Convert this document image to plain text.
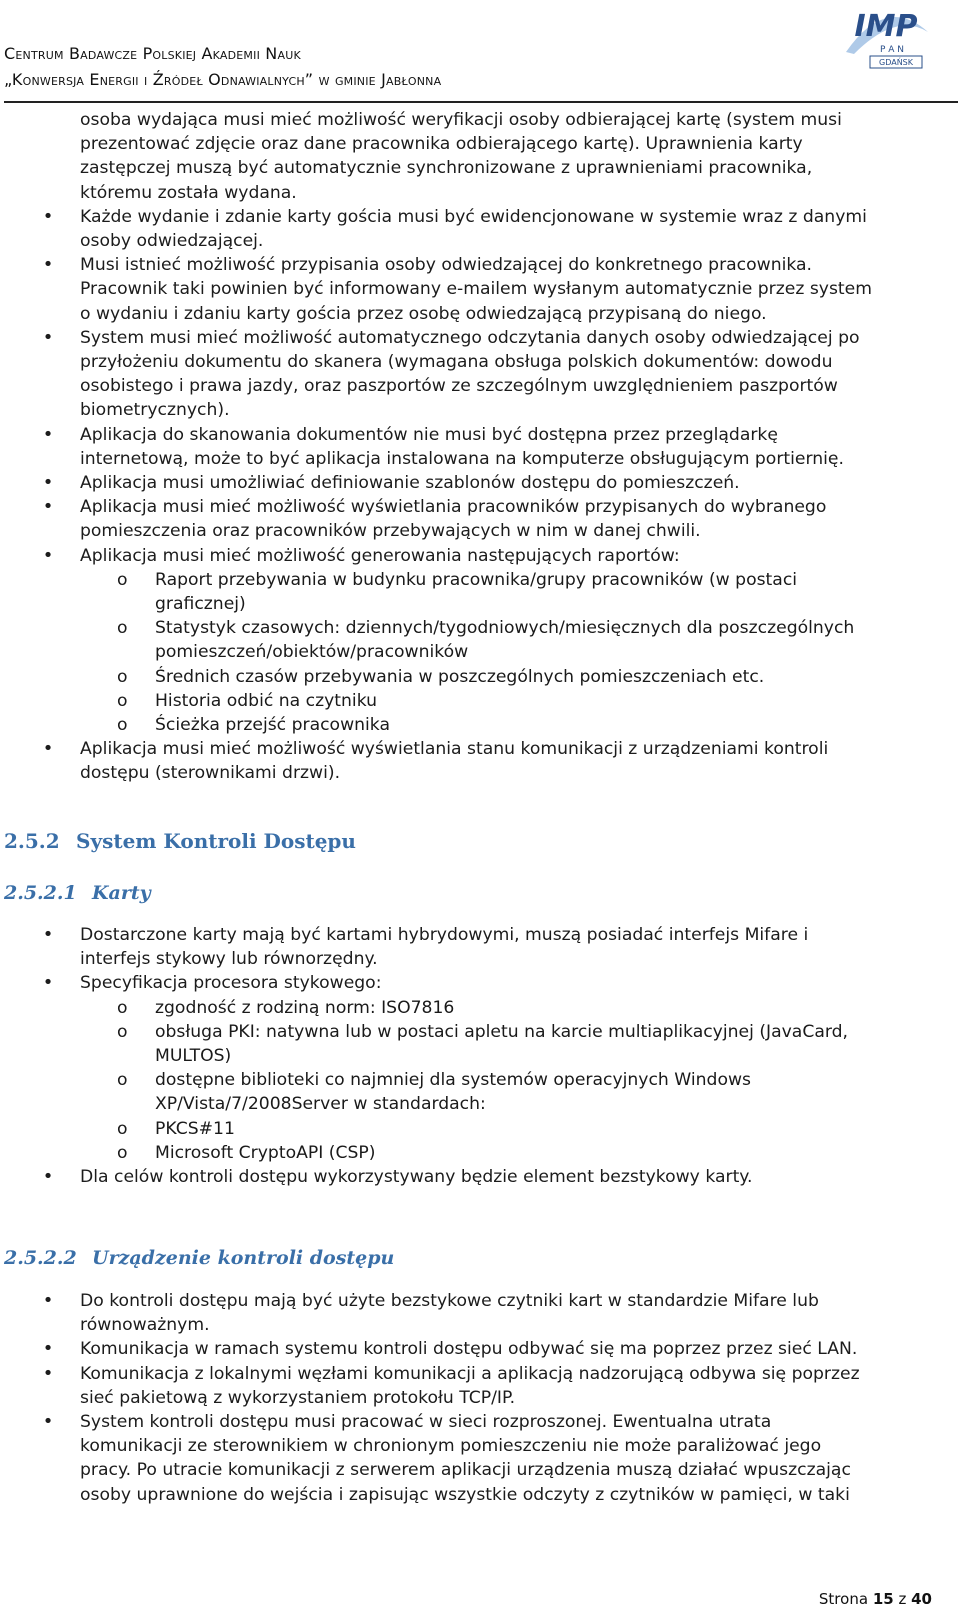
Centrum Badawcze Polskiej Akademii Nauk
„Konwersja Energii i Źródeł Odnawialnych” w gminie Jabłonna
IMP
P A N
GDAŃSK
osoba wydająca musi mieć możliwość weryfikacji osoby odbierającej kartę (system musi
prezentować zdjęcie oraz dane pracownika odbierającego kartę). Uprawnienia karty
zastępczej muszą być automatycznie synchronizowane z uprawnieniami pracownika,
któremu została wydana.
•
Każde wydanie i zdanie karty gościa musi być ewidencjonowane w systemie wraz z danymi
osoby odwiedzającej.
•
Musi istnieć możliwość przypisania osoby odwiedzającej do konkretnego pracownika.
Pracownik taki powinien być informowany e-mailem wysłanym automatycznie przez system
o wydaniu i zdaniu karty gościa przez osobę odwiedzającą przypisaną do niego.
•
System musi mieć możliwość automatycznego odczytania danych osoby odwiedzającej po
przyłożeniu dokumentu do skanera (wymagana obsługa polskich dokumentów: dowodu
osobistego i prawa jazdy, oraz paszportów ze szczególnym uwzględnieniem paszportów
biometrycznych).
•
Aplikacja do skanowania dokumentów nie musi być dostępna przez przeglądarkę
internetową, może to być aplikacja instalowana na komputerze obsługującym portiernię.
•
Aplikacja musi umożliwiać definiowanie szablonów dostępu do pomieszczeń.
•
Aplikacja musi mieć możliwość wyświetlania pracowników przypisanych do wybranego
pomieszczenia oraz pracowników przebywających w nim w danej chwili.
•
Aplikacja musi mieć możliwość generowania następujących raportów:
o Raport przebywania w budynku pracownika/grupy pracowników (w postaci
graficznej)
o Statystyk czasowych: dziennych/tygodniowych/miesięcznych dla poszczególnych
pomieszczeń/obiektów/pracowników
o Średnich czasów przebywania w poszczególnych pomieszczeniach etc.
o Historia odbić na czytniku
o Ścieżka przejść pracownika
•
Aplikacja musi mieć możliwość wyświetlania stanu komunikacji z urządzeniami kontroli
dostępu (sterownikami drzwi).
2.5.2 System Kontroli Dostępu
2.5.2.1 Karty
•
Dostarczone karty mają być kartami hybrydowymi, muszą posiadać interfejs Mifare i
interfejs stykowy lub równorzędny.
•
Specyfikacja procesora stykowego:
o zgodność z rodziną norm: ISO7816
o obsługa PKI: natywna lub w postaci apletu na karcie multiaplikacyjnej (JavaCard,
MULTOS)
o dostępne biblioteki co najmniej dla systemów operacyjnych Windows
XP/Vista/7/2008Server w standardach:
o PKCS#11
o Microsoft CryptoAPI (CSP)
•
Dla celów kontroli dostępu wykorzystywany będzie element bezstykowy karty.
2.5.2.2 Urządzenie kontroli dostępu
•
Do kontroli dostępu mają być użyte bezstykowe czytniki kart w standardzie Mifare lub
równoważnym.
•
Komunikacja w ramach systemu kontroli dostępu odbywać się ma poprzez przez sieć LAN.
•
Komunikacja z lokalnymi węzłami komunikacji a aplikacją nadzorującą odbywa się poprzez
sieć pakietową z wykorzystaniem protokołu TCP/IP.
•
System kontroli dostępu musi pracować w sieci rozproszonej. Ewentualna utrata
komunikacji ze sterownikiem w chronionym pomieszczeniu nie może paraliżować jego
pracy. Po utracie komunikacji z serwerem aplikacji urządzenia muszą działać wpuszczając
osoby uprawnione do wejścia i zapisując wszystkie odczyty z czytników w pamięci, w taki
Strona 15 z 40
